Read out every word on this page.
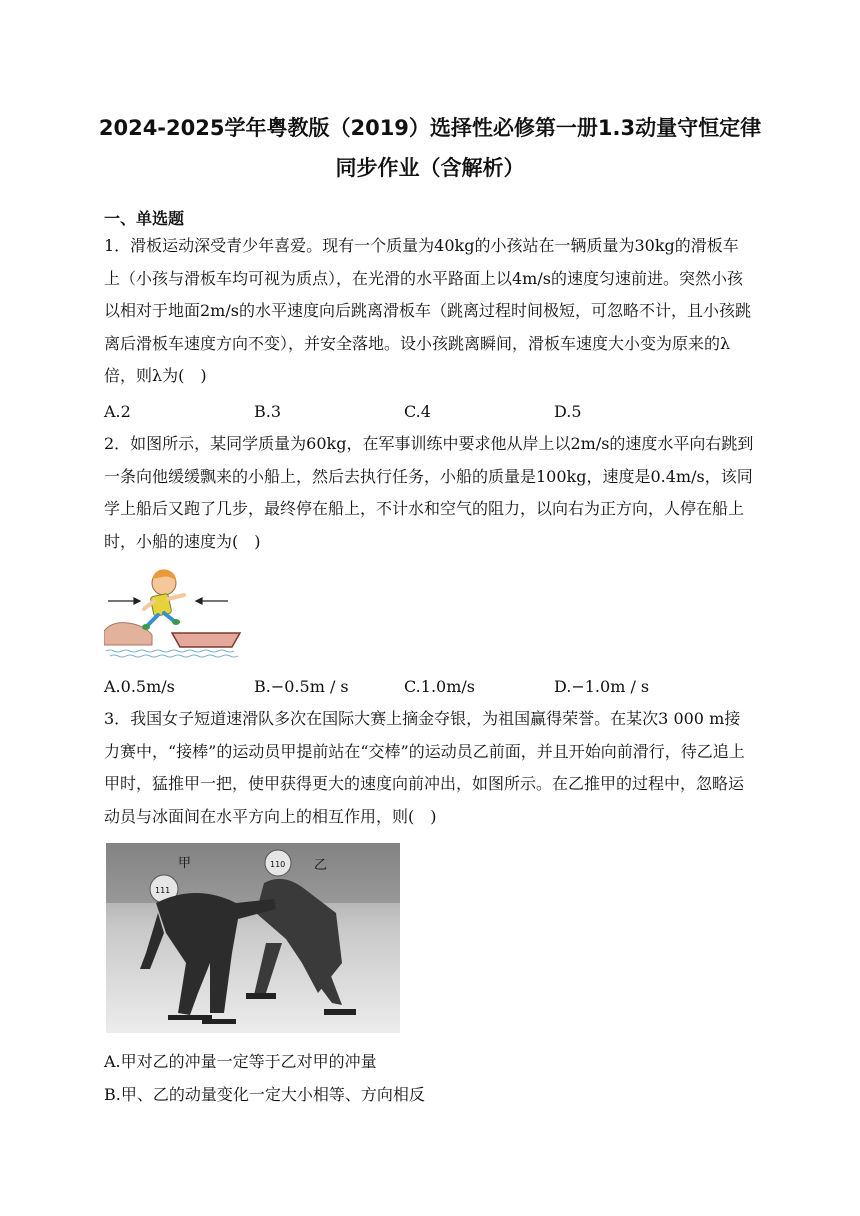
2024-2025学年粤教版（2019）选择性必修第一册1.3动量守恒定律
同步作业（含解析）
一、单选题

1．滑板运动深受青少年喜爱。现有一个质量为40kg的小孩站在一辆质量为30kg的滑板车上（小孩与滑板车均可视为质点），在光滑的水平路面上以4m/s的速度匀速前进。突然小孩以相对于地面2m/s的水平速度向后跳离滑板车（跳离过程时间极短，可忽略不计，且小孩跳离后滑板车速度方向不变），并安全落地。设小孩跳离瞬间，滑板车速度大小变为原来的λ倍，则λ为(　)

A.2	B.3	C.4	D.5

2．如图所示，某同学质量为60kg，在军事训练中要求他从岸上以2m/s的速度水平向右跳到一条向他缓缓飘来的小船上，然后去执行任务，小船的质量是100kg，速度是0.4m/s，该同学上船后又跑了几步，最终停在船上，不计水和空气的阻力，以向右为正方向，人停在船上时，小船的速度为(　)

A.0.5m/s	B.−0.5m / s	C.1.0m/s	D.−1.0m / s

3．我国女子短道速滑队多次在国际大赛上摘金夺银，为祖国赢得荣誉。在某次3 000 m接力赛中，“接棒”的运动员甲提前站在“交棒”的运动员乙前面，并且开始向前滑行，待乙追上甲时，猛推甲一把，使甲获得更大的速度向前冲出，如图所示。在乙推甲的过程中，忽略运动员与冰面间在水平方向上的相互作用，则(　)

甲	乙
110
111
A.甲对乙的冲量一定等于乙对甲的冲量
B.甲、乙的动量变化一定大小相等、方向相反
